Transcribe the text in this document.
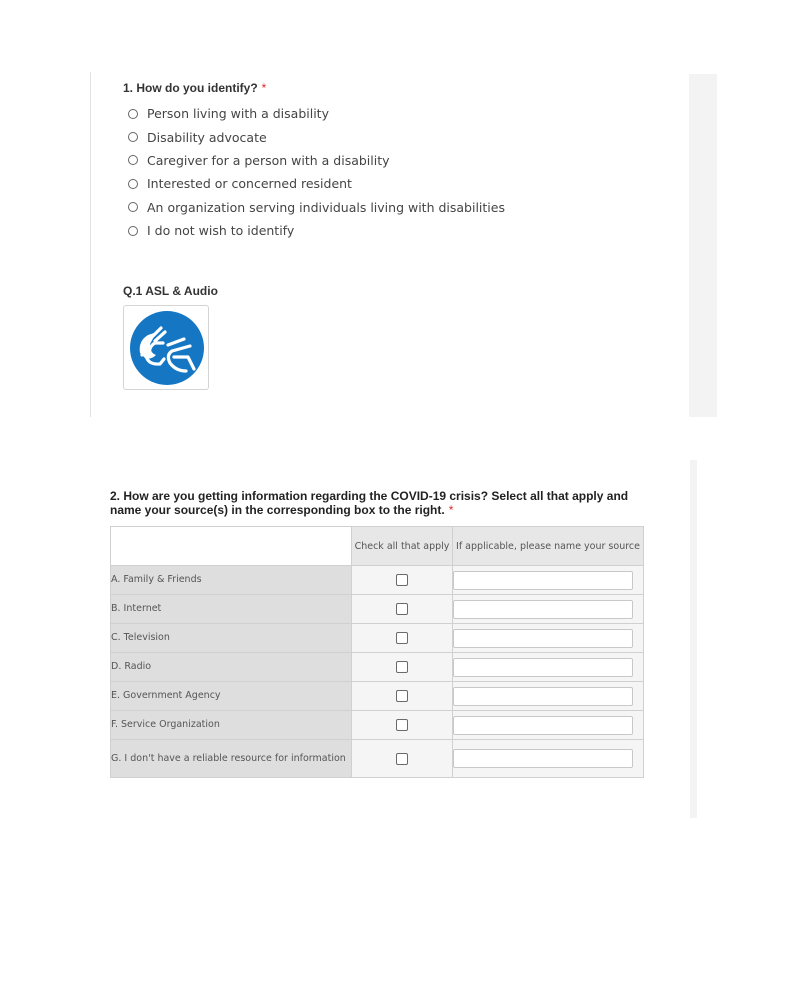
1. How do you identify? *
Person living with a disability
Disability advocate
Caregiver for a person with a disability
Interested or concerned resident
An organization serving individuals living with disabilities
I do not wish to identify
Q.1 ASL & Audio
2. How are you getting information regarding the COVID-19 crisis? Select all that apply and name your source(s) in the corresponding box to the right. *
	Check all that apply	If applicable, please name your source
A. Family & Friends		

B. Internet		

C. Television		

D. Radio		

E. Government Agency		

F. Service Organization		

G. I don't have a reliable resource for information		
